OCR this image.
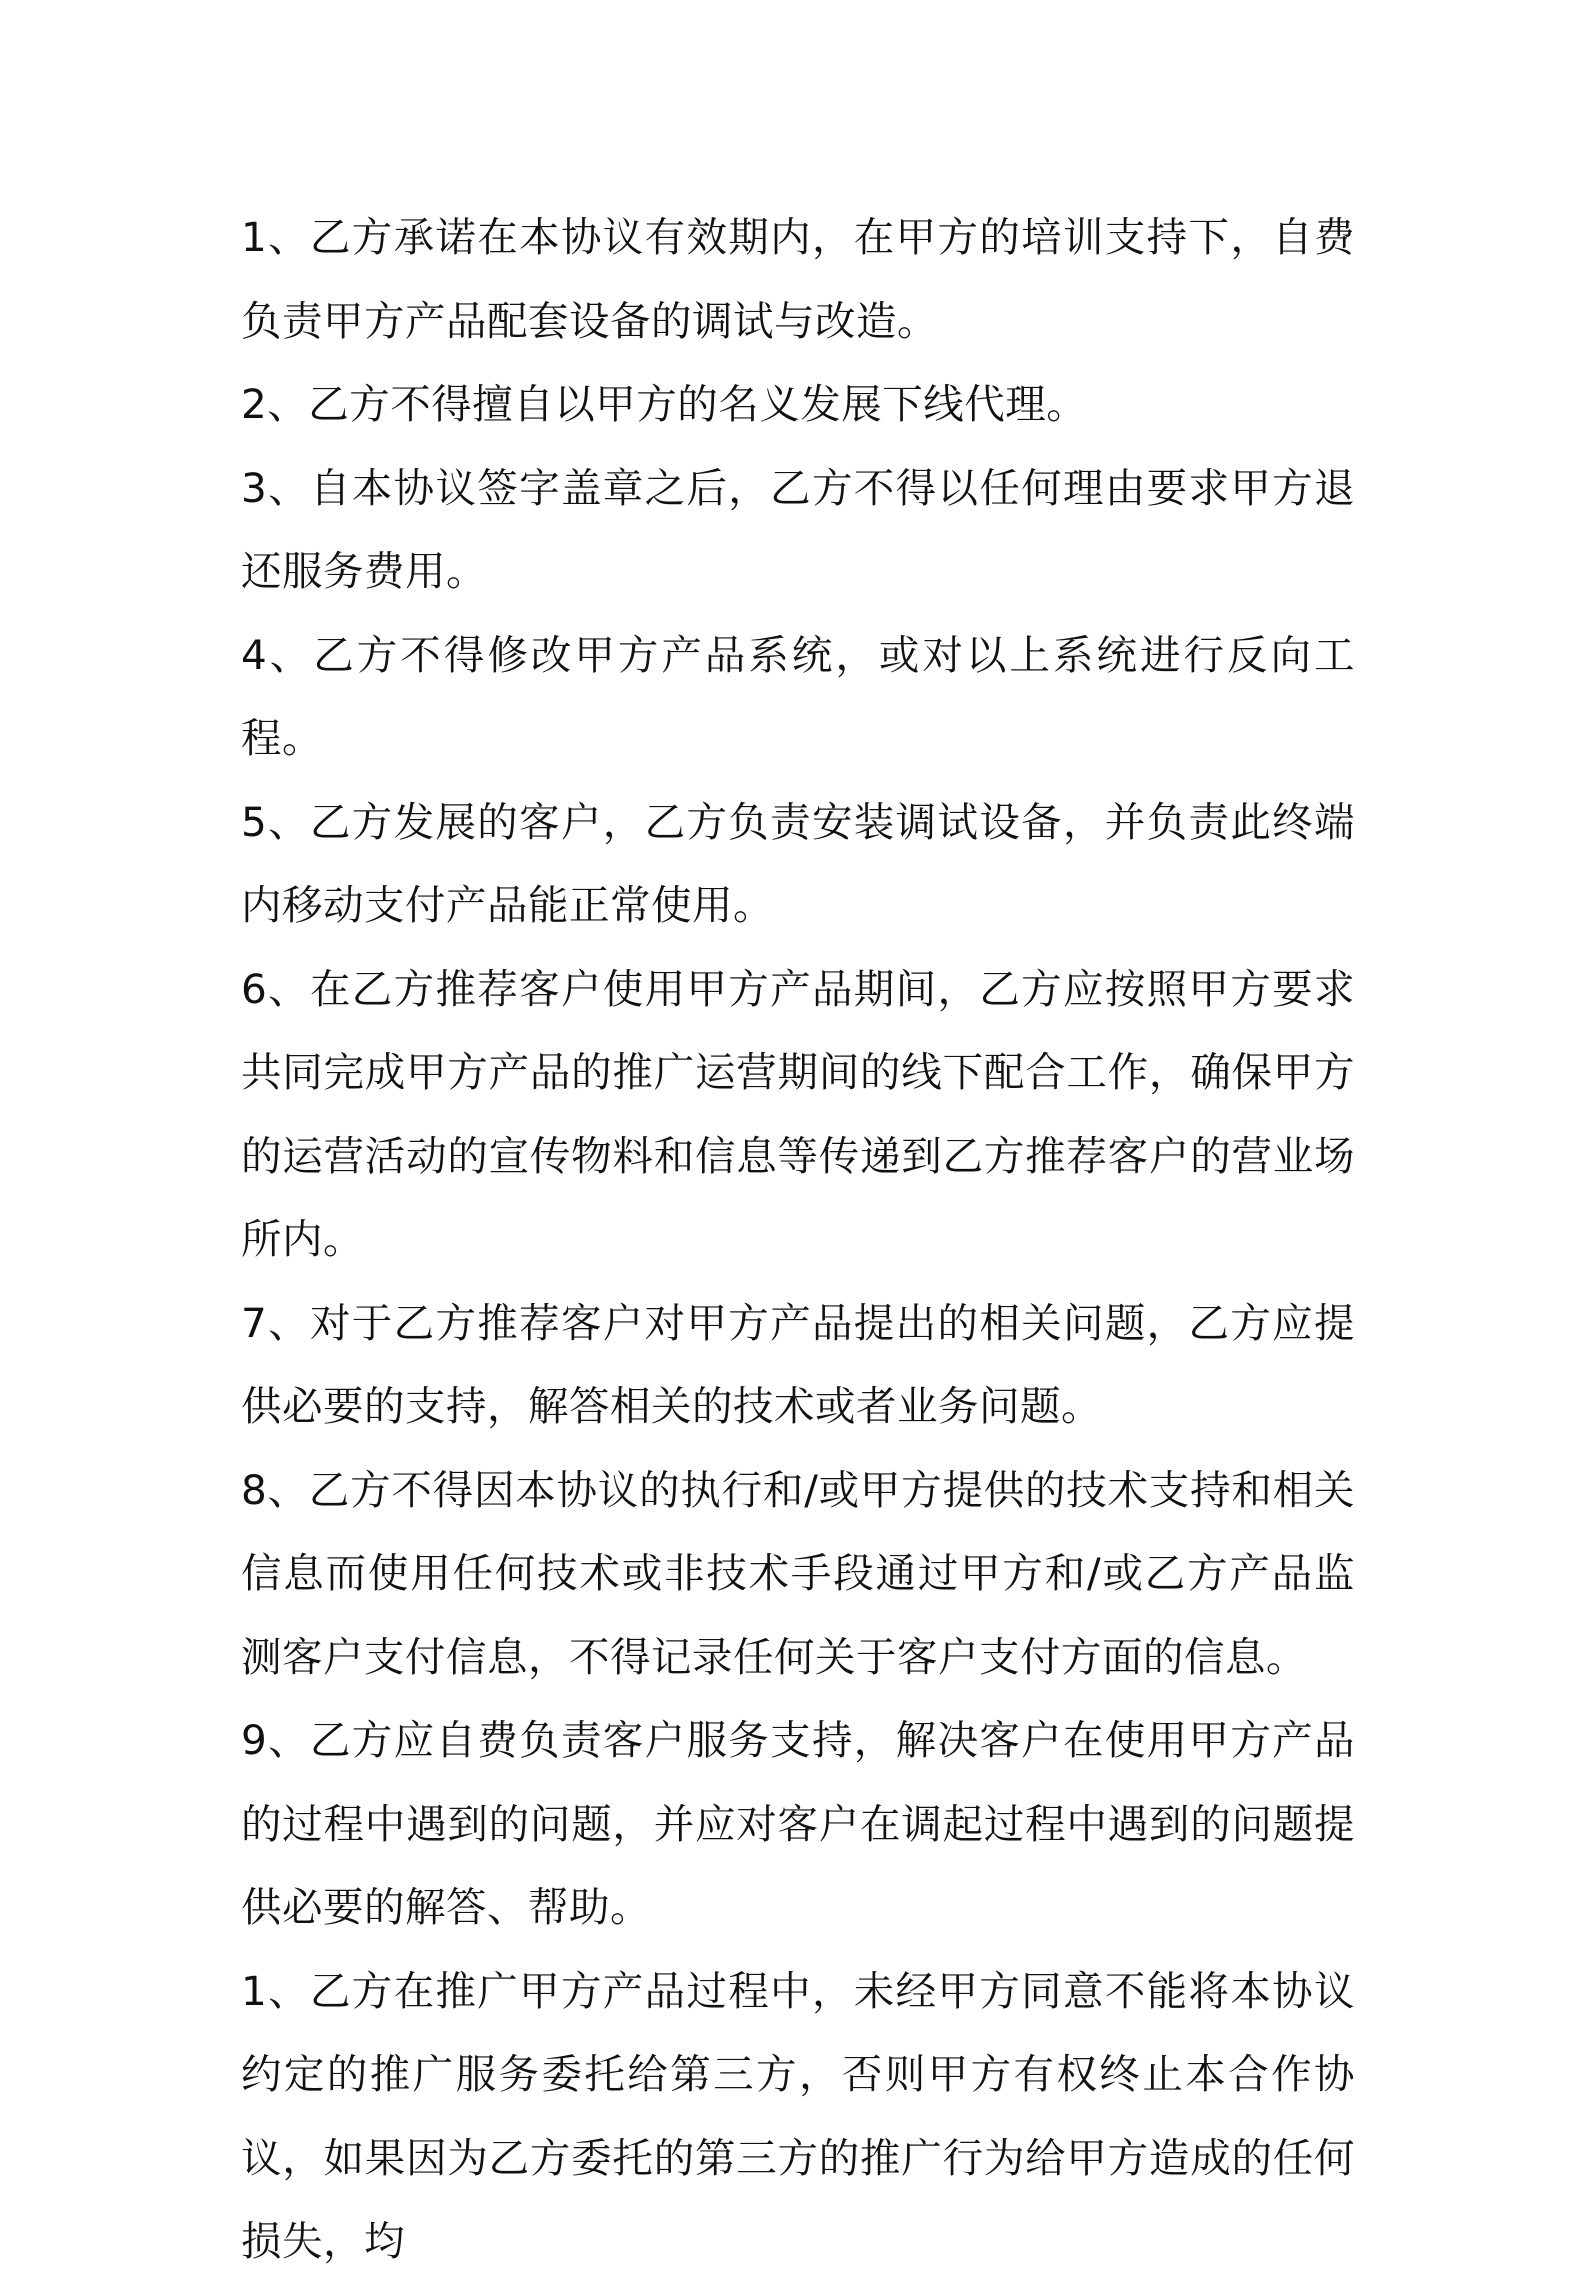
1、乙方承诺在本协议有效期内，在甲方的培训支持下，自费负责甲方产品配套设备的调试与改造。

2、乙方不得擅自以甲方的名义发展下线代理。

3、自本协议签字盖章之后，乙方不得以任何理由要求甲方退还服务费用。

4、乙方不得修改甲方产品系统，或对以上系统进行反向工程。

5、乙方发展的客户，乙方负责安装调试设备，并负责此终端内移动支付产品能正常使用。

6、在乙方推荐客户使用甲方产品期间，乙方应按照甲方要求共同完成甲方产品的推广运营期间的线下配合工作，确保甲方的运营活动的宣传物料和信息等传递到乙方推荐客户的营业场所内。

7、对于乙方推荐客户对甲方产品提出的相关问题，乙方应提供必要的支持，解答相关的技术或者业务问题。

8、乙方不得因本协议的执行和/或甲方提供的技术支持和相关信息而使用任何技术或非技术手段通过甲方和/或乙方产品监测客户支付信息，不得记录任何关于客户支付方面的信息。

9、乙方应自费负责客户服务支持，解决客户在使用甲方产品的过程中遇到的问题，并应对客户在调起过程中遇到的问题提供必要的解答、帮助。

1、乙方在推广甲方产品过程中，未经甲方同意不能将本协议约定的推广服务委托给第三方，否则甲方有权终止本合作协议，如果因为乙方委托的第三方的推广行为给甲方造成的任何损失，均
